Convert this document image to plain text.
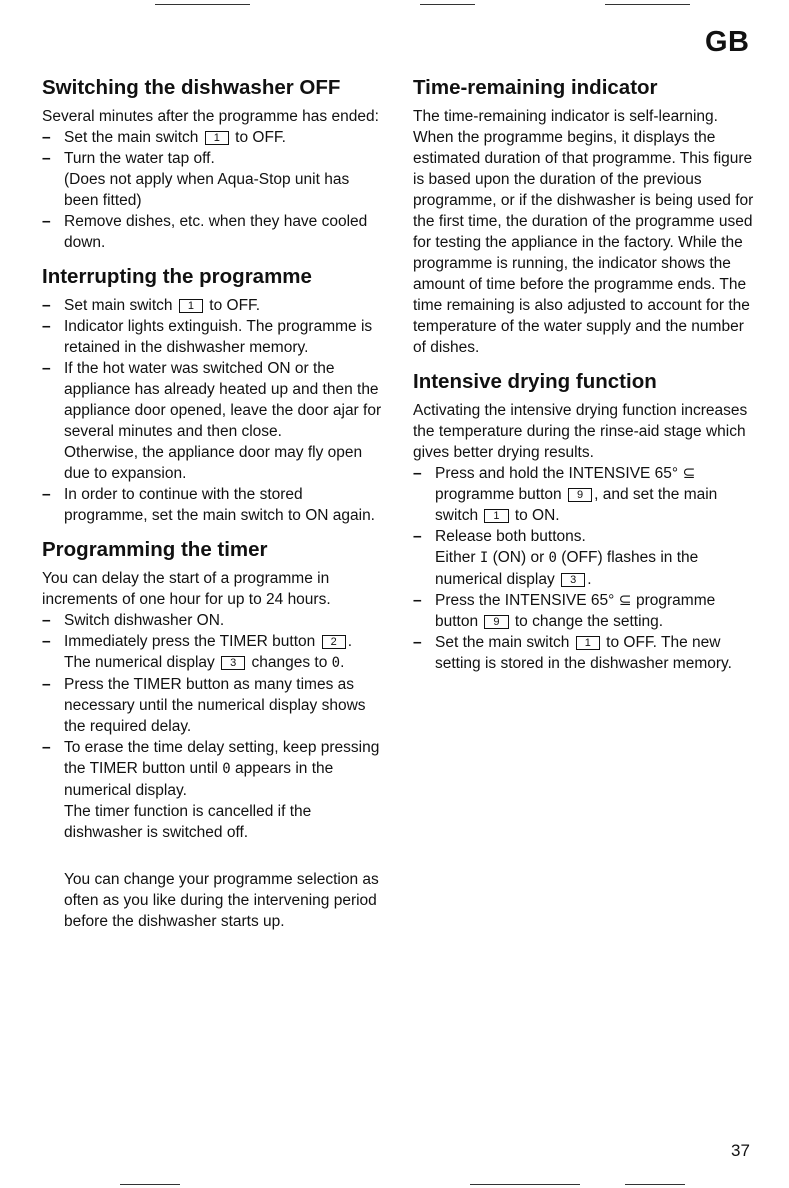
GB
Switching the dishwasher OFF

Several minutes after the programme has ended:

– Set the main switch 1 to OFF.
– Turn the water tap off.
(Does not apply when Aqua-Stop unit has been fitted)
– Remove dishes, etc. when they have cooled down.
Interrupting the programme
– Set main switch 1 to OFF.
– Indicator lights extinguish. The programme is retained in the dishwasher memory.
– If the hot water was switched ON or the appliance has already heated up and then the appliance door opened, leave the door ajar for several minutes and then close.
Otherwise, the appliance door may fly open due to expansion.
– In order to continue with the stored programme, set the main switch to ON again.
Programming the timer

You can delay the start of a programme in increments of one hour for up to 24 hours.

– Switch dishwasher ON.
– Immediately press the TIMER button 2 . The numerical display 3 changes to 0.
– Press the TIMER button as many times as necessary until the numerical display shows the required delay.
– To erase the time delay setting, keep pressing the TIMER button until 0 appears in the numerical display.
The timer function is cancelled if the dishwasher is switched off.

You can change your programme selection as often as you like during the intervening period before the dishwasher starts up.

Time-remaining indicator

The time-remaining indicator is self-learning. When the programme begins, it displays the estimated duration of that programme. This figure is based upon the duration of the previous programme, or if the dishwasher is being used for the first time, the duration of the programme used for testing the appliance in the factory. While the programme is running, the indicator shows the amount of time before the programme ends. The time remaining is also adjusted to account for the temperature of the water supply and the number of dishes.

Intensive drying function

Activating the intensive drying function increases the temperature during the rinse-aid stage which gives better drying results.

– Press and hold the INTENSIVE 65° ⊆ programme button 9 , and set the main switch 1 to ON.
– Release both buttons.
Either I (ON) or 0 (OFF) flashes in the numerical display 3 .
– Press the INTENSIVE 65° ⊆ programme button 9 to change the setting.
– Set the main switch 1 to OFF. The new setting is stored in the dishwasher memory.
37
